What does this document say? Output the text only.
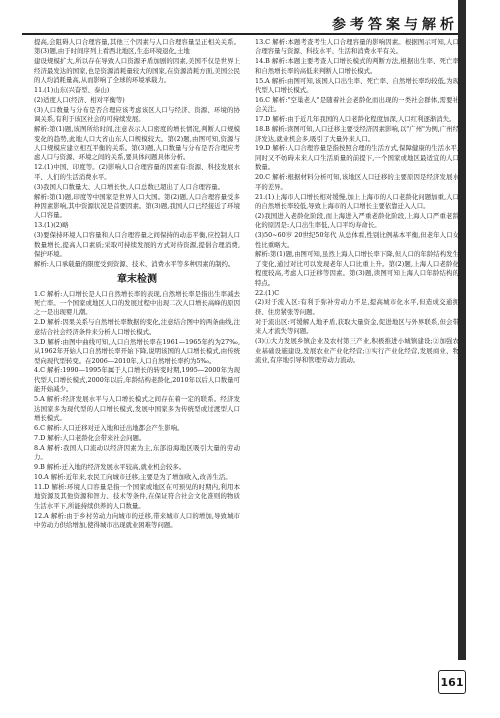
参考答案与解析

提高,会阻碍人口合理容量,其他三个因素与人口合理容量呈正相关关系。第(3)题,由于时间序列上看西北地区,生态环境退化,土地

建设规模扩大,所以存在导致人口资源矛盾加剧的因素,美国不仅是世界上经济最发达的国家,也是资源消耗量较大的国家,在资源消耗方面,美国公民的人均消耗量高,从而影响了全球的环境承载力。

11.(1)山东(兴奋型、泰山)

(2)适度人口(经济、相对平衡等)

(3)人口数量与分布是否合理应该考虑该区人口与经济、资源、环境的协调关系,有利于该区社会的可持续发展。

解析:第(1)题,该图所给时间,注意表示人口密度的增长情况,判断人口规模变化的趋势,此地人口大省山东人口规模较大。第(2)题,由图可知,资源与人口规模应建立相互平衡的关系。第(3)题,人口数量与分布是否合理应考虑人口与资源、环境之间的关系,要具体问题具体分析。

12.(1)中国、印度等。(2)影响人口合理容量的因素有:资源、科技发展水平、人们的生活消费水平。

(3)我国人口数量大、人口增长快,人口总数已超出了人口合理容量。

解析:第(1)题,印度等中国家是世界人口大国。第(2)题,人口合理容量受多种因素影响,其中资源状况是首要因素。第(3)题,我国人口已经接近了环境人口容量。

13.(1)(2)略

(3)要保持环境人口容量和人口合理容量之间保持的动态平衡,应控制人口数量增长,提高人口素质;采取可持续发展的方式对待资源,提倡合理消费,保护环境。

解析:人口承载量的限度受到资源、技术、消费水平等多种因素的制约。

章末检测

1.C 解析:人口增长是人口自然增长率的表现,自然增长率是指出生率减去死亡率。一个国家或地区人口的发展过程中出现二次人口增长高峰的原因之一是出现婴儿潮。

2.D 解析:因果关系与自然增长率数据的变化,注意结合图中的两条曲线,注意结合社会经济条件来分析人口增长模式。

3.D 解析:由图中曲线可知,人口自然增长率在1961—1965年约为27‰,从1962年开始人口自然增长率开始下降,说明该国的人口增长模式,由传统型向现代型转变。在2006—2010年,人口自然增长率约为5‰。

4.C 解析:1990—1995年属于人口增长的转变时期,1995—2000年为现代型人口增长模式,2000年以后,年龄结构老龄化,2010年以后人口数量可能开始减少。

5.A 解析:经济发展水平与人口增长模式之间存在着一定的联系。经济发达国家多为现代型的人口增长模式,发展中国家多为传统型或过渡型人口增长模式。

6.C 解析:人口迁移对迁入地和迁出地都会产生影响。

7.D 解析:人口老龄化会带来社会问题。

8.A 解析:我国人口流动以经济因素为主,东部沿海地区吸引大量的劳动力。

9.B 解析:迁入地的经济发展水平较高,就业机会较多。

10.A 解析:近年来,农民工向城市迁移,主要是为了增加收入,改善生活。

11.D 解析:环境人口容量是指一个国家或地区在可预见的时期内,利用本地资源及其他资源和智力、技术等条件,在保证符合社会文化准则的物质生活水平下,所能持续供养的人口数量。

12.A 解析:由于乡村劳动力向城市的迁移,带来城市人口的增加,导致城市中劳动力供给增加,使得城市出现就业困难等问题。

13.C 解析:本题考查考生人口合理容量的影响因素。根据图示可知,人口合理容量与资源、科技水平、生活和消费水平有关。

14.B 解析:本题主要考查人口增长模式的判断方法,根据出生率、死亡率和自然增长率的高低来判断人口增长模式。

15.A 解析:由图可知,该国人口出生率、死亡率、自然增长率均较低,为现代型人口增长模式。

16.C 解析:"空巢老人"是随着社会老龄化而出现的一类社会群体,需要社会关注。

17.D 解析:由于近几年我国的人口老龄化程度加深,人口红利逐渐消失。

18.B 解析:读图可知,人口迁移主要受经济因素影响,以"广州"为例,广州经济发达,就业机会多,吸引了大量外来人口。

19.D 解析:人口合理容量是指按照合理的生活方式,保障健康的生活水平,同时又不妨碍未来人口生活质量的前提下,一个国家或地区最适宜的人口数量。

20.C 解析:根据材料分析可知,该地区人口迁移的主要原因是经济发展水平的差异。

21.(1)上海市人口增长相对缓慢,加上上海市的人口老龄化问题加重,人口的自然增长率较低,导致上海市的人口增长主要依靠迁入人口。

(2)我国进入老龄化阶段,而上海进入严重老龄化阶段,上海人口严重老龄化的原因是:人口出生率低,人口平均寿命长。

(3)50~60岁 20世纪50年代 从总体看,性别比例基本平衡,但老年人口女性比重略大。

解析:第(1)题,由图可知,虽然上海人口增长率下降,但人口的年龄结构发生了变化,通过对比可以发现老年人口比重上升。第(2)题,上海人口老龄化程度较高,考虑人口迁移等因素。第(3)题,读图可知上海人口年龄结构的特点。

22.(1)C

(2)对于流入区:有利于弥补劳动力不足,提高城市化水平,但造成交通拥挤、住房紧张等问题。

对于流出区:可缓解人地矛盾,获取大量资金,促进地区与外界联系,但会带来人才流失等问题。

(3)①大力发展乡镇企业及农村第三产业,积极推进小城镇建设;②加强农业基础设施建设,发展农业产业化经营;③实行产业化经营,发展商业、物流业,有序地引导和管理劳动力流动。

161
